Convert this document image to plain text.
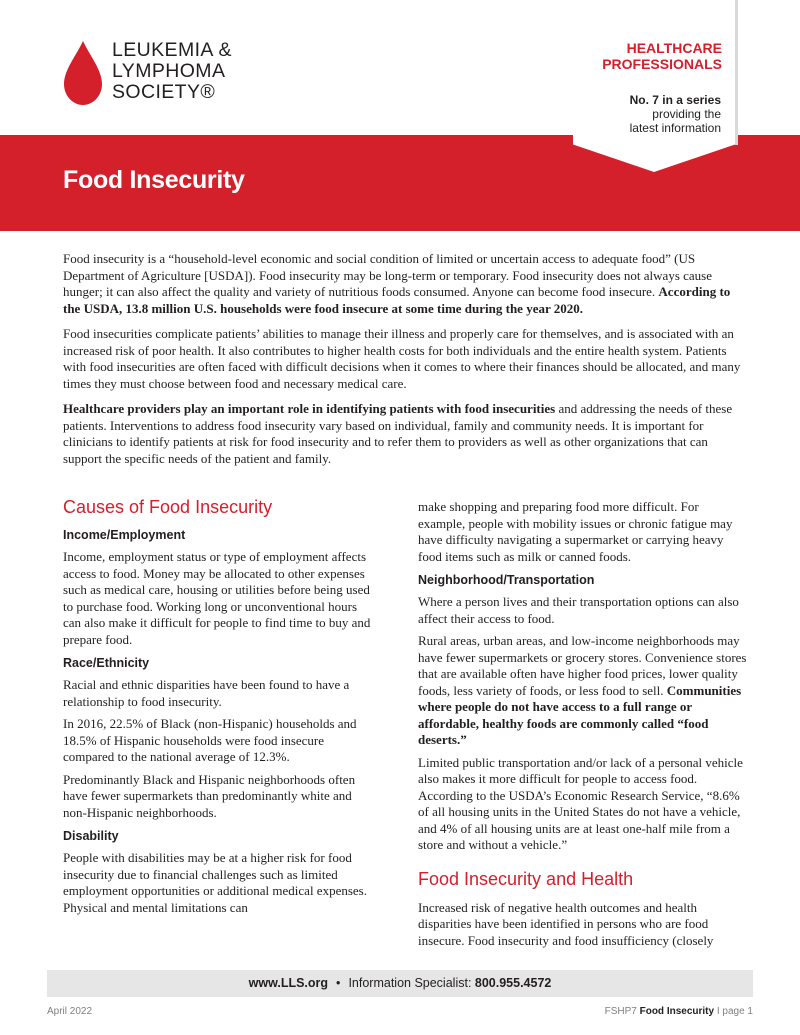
LEUKEMIA &
LYMPHOMA
SOCIETY®
Food Insecurity
HEALTHCARE
PROFESSIONALS
No. 7 in a series
providing the
latest information

Food insecurity is a “household-level economic and social condition of limited or uncertain access to adequate food” (US Department of Agriculture [USDA]). Food insecurity may be long-term or temporary. Food insecurity does not always cause hunger; it can also affect the quality and variety of nutritious foods consumed. Anyone can become food insecure. According to the USDA, 13.8 million U.S. households were food insecure at some time during the year 2020.

Food insecurities complicate patients’ abilities to manage their illness and properly care for themselves, and is associated with an increased risk of poor health. It also contributes to higher health costs for both individuals and the entire health system. Patients with food insecurities are often faced with difficult decisions when it comes to where their finances should be allocated, and many times they must choose between food and necessary medical care.

Healthcare providers play an important role in identifying patients with food insecurities and addressing the needs of these patients. Interventions to address food insecurity vary based on individual, family and community needs. It is important for clinicians to identify patients at risk for food insecurity and to refer them to providers as well as other organizations that can support the specific needs of the patient and family.

Causes of Food Insecurity
Income/Employment

Income, employment status or type of employment affects access to food. Money may be allocated to other expenses such as medical care, housing or utilities before being used to purchase food. Working long or unconventional hours can also make it difficult for people to find time to buy and prepare food.

Race/Ethnicity

Racial and ethnic disparities have been found to have a relationship to food insecurity.

In 2016, 22.5% of Black (non-Hispanic) households and 18.5% of Hispanic households were food insecure compared to the national average of 12.3%.

Predominantly Black and Hispanic neighborhoods often have fewer supermarkets than predominantly white and non-Hispanic neighborhoods.

Disability

People with disabilities may be at a higher risk for food insecurity due to financial challenges such as limited employment opportunities or additional medical expenses. Physical and mental limitations can

make shopping and preparing food more difficult. For example, people with mobility issues or chronic fatigue may have difficulty navigating a supermarket or carrying heavy food items such as milk or canned foods.

Neighborhood/Transportation

Where a person lives and their transportation options can also affect their access to food.

Rural areas, urban areas, and low-income neighborhoods may have fewer supermarkets or grocery stores. Convenience stores that are available often have higher food prices, lower quality foods, less variety of foods, or less food to sell. Communities where people do not have access to a full range or affordable, healthy foods are commonly called “food deserts.”

Limited public transportation and/or lack of a personal vehicle also makes it more difficult for people to access food. According to the USDA’s Economic Research Service, “8.6% of all housing units in the United States do not have a vehicle, and 4% of all housing units are at least one-half mile from a store and without a vehicle.”

Food Insecurity and Health

Increased risk of negative health outcomes and health disparities have been identified in persons who are food insecure. Food insecurity and food insufficiency (closely

www.LLS.org • Information Specialist: 800.955.4572
April 2022	FSHP7 Food Insecurity I page 1
